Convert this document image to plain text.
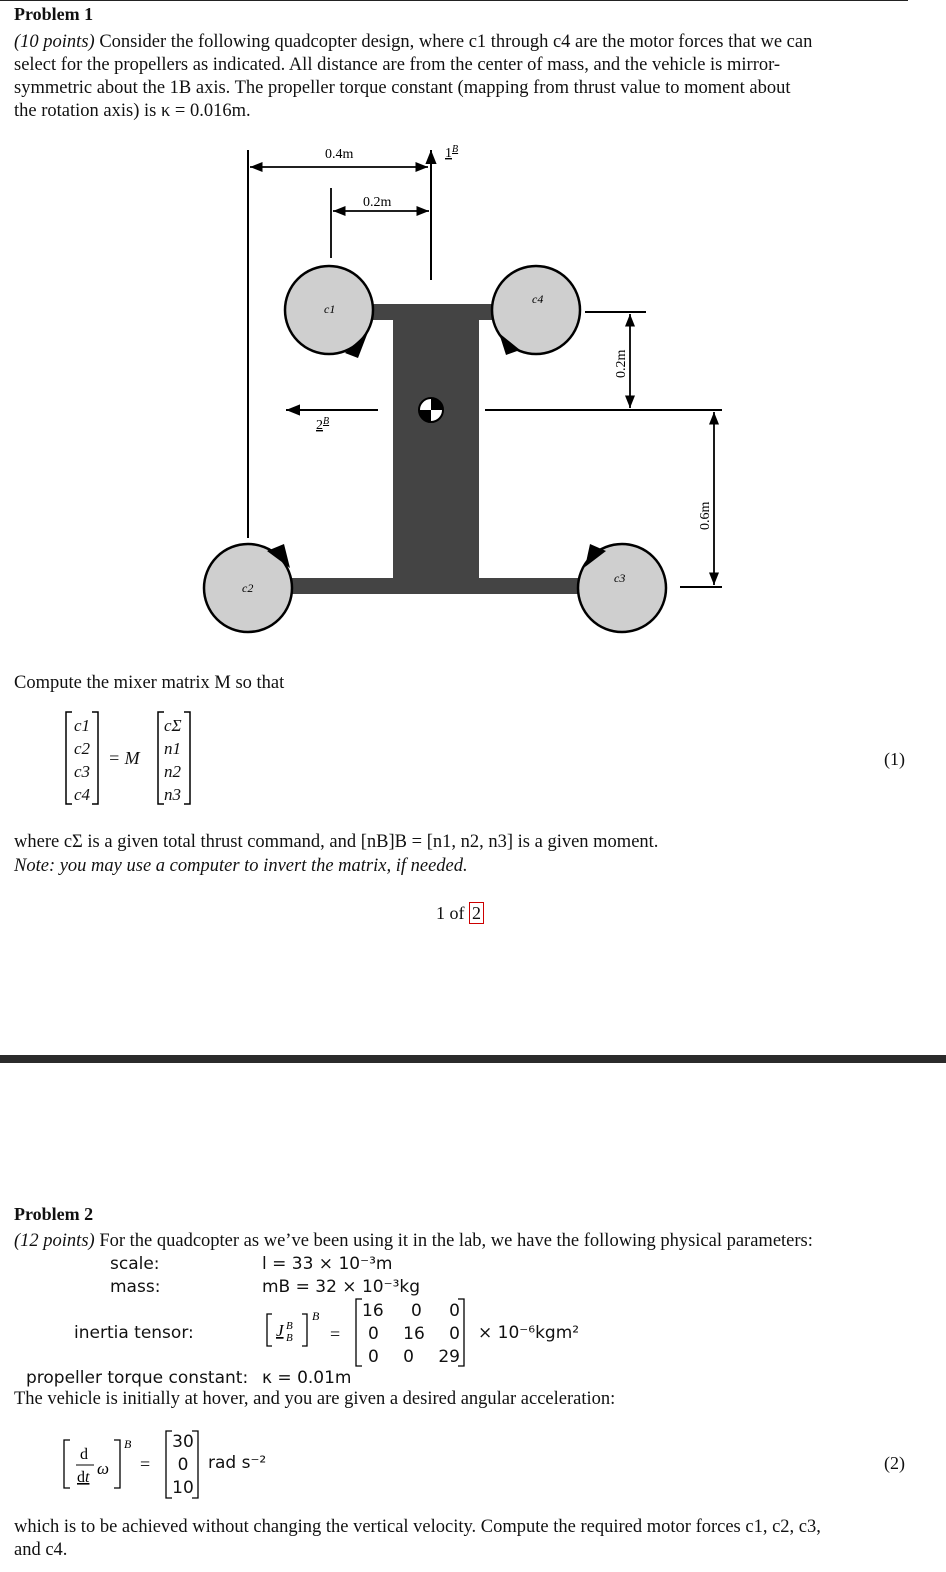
Problem 1
(10 points) Consider the following quadcopter design, where c1 through c4 are the motor forces that we can
select for the propellers as indicated. All distance are from the center of mass, and the vehicle is mirror-
symmetric about the 1B axis. The propeller torque constant (mapping from thrust value to moment about
the rotation axis) is κ = 0.016m.
c1
c4
c2
c3
0.4m	$1^B$
0.2m
$2^B$
0.2m
0.6m
Compute the mixer matrix M so that
c1
c2
c3
c4
= M
cΣ
n1
n2
n3
(1)
where cΣ is a given total thrust command, and [nB]B = [n1, n2, n3] is a given moment.
Note: you may use a computer to invert the matrix, if needed.
1 of 2
Problem 2
(12 points) For the quadcopter as we’ve been using it in the lab, we have the following physical parameters:
scale:	l = 33 × 10⁻³m
mass:	mB = 32 × 10⁻³kg
inertia tensor:	J B
B
B
=
16 0 0
0 16 0
0 0 29
× 10⁻⁶kgm²
propeller torque constant: κ = 0.01m
The vehicle is initially at hover, and you are given a desired angular acceleration:
d
dt ω
B
=
30
0
10
rad s⁻²	(2)
which is to be achieved without changing the vertical velocity. Compute the required motor forces c1, c2, c3,
and c4.
